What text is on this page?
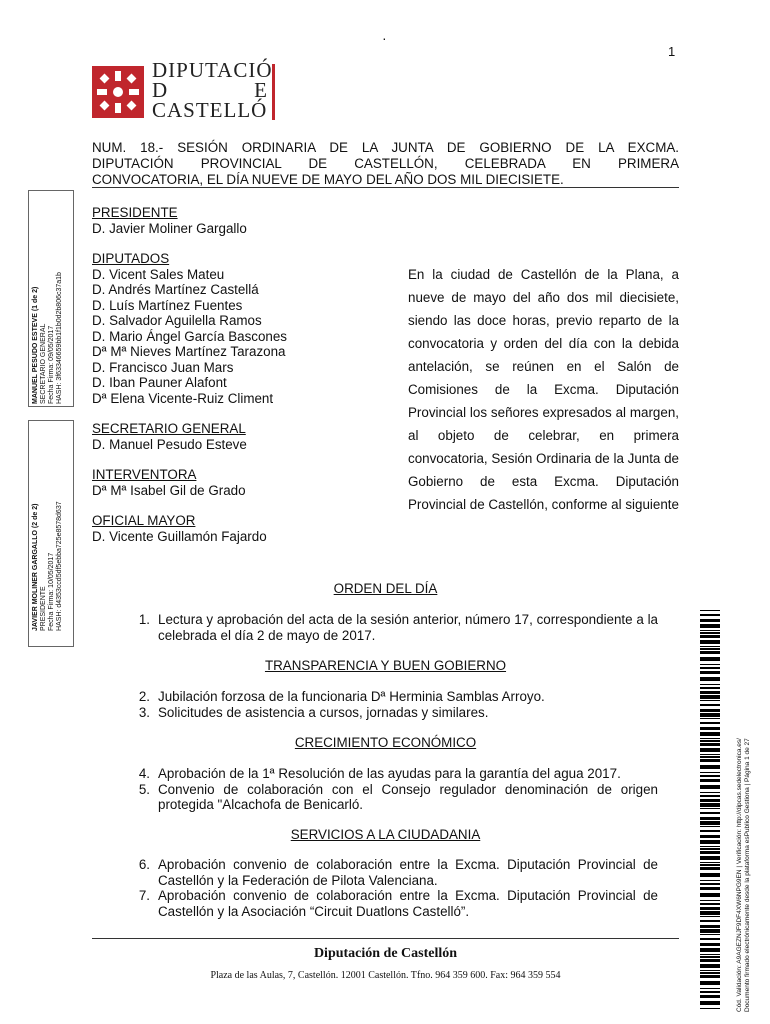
·
1
DIPUTACIÓ
D	E
CASTELLÓ
NUM. 18.- SESIÓN ORDINARIA DE LA JUNTA DE GOBIERNO DE LA EXCMA.
DIPUTACIÓN PROVINCIAL DE CASTELLÓN, CELEBRADA EN PRIMERA
CONVOCATORIA, EL DÍA NUEVE DE MAYO DEL AÑO DOS MIL DIECISIETE.
PRESIDENTE
D. Javier Moliner Gargallo
DIPUTADOS
D. Vicent Sales Mateu
D. Andrés Martínez Castellá
D. Luís Martínez Fuentes
D. Salvador Aguilella Ramos
D. Mario Ángel García Bascones
Dª Mª Nieves Martínez Tarazona
D. Francisco Juan Mars
D. Iban Pauner Alafont
Dª Elena Vicente-Ruiz Climent
SECRETARIO GENERAL
D. Manuel Pesudo Esteve
INTERVENTORA
Dª Mª Isabel Gil de Grado
OFICIAL MAYOR
D. Vicente Guillamón Fajardo
En la ciudad de Castellón de la Plana, a nueve de mayo del año dos mil diecisiete, siendo las doce horas, previo reparto de la convocatoria y orden del día con la debida antelación, se reúnen en el Salón de Comisiones de la Excma. Diputación Provincial los señores expresados al margen, al objeto de celebrar, en primera convocatoria, Sesión Ordinaria de la Junta de Gobierno de esta Excma. Diputación Provincial de Castellón, conforme al siguiente
ORDEN DEL DÍA
1. Lectura y aprobación del acta de la sesión anterior, número 17, correspondiente a la celebrada el día 2 de mayo de 2017.
TRANSPARENCIA Y BUEN GOBIERNO
2. Jubilación forzosa de la funcionaria Dª Herminia Samblas Arroyo.
3. Solicitudes de asistencia a cursos, jornadas y similares.
CRECIMIENTO ECONÓMICO
4. Aprobación de la 1ª Resolución de las ayudas para la garantía del agua 2017.
5. Convenio de colaboración con el Consejo regulador denominación de origen protegida "Alcachofa de Benicarló.
SERVICIOS A LA CIUDADANIA
6. Aprobación convenio de colaboración entre la Excma. Diputación Provincial de Castellón y la Federación de Pilota Valenciana.
7. Aprobación convenio de colaboración entre la Excma. Diputación Provincial de Castellón y la Asociación “Circuit Duatlons Castelló”.
Diputación de Castellón
Plaza de las Aulas, 7, Castellón. 12001 Castellón. Tfno. 964 359 600. Fax: 964 359 554
MANUEL PESUDO ESTEVE (1 de 2)
SECRETARIO GENERAL
Fecha Firma: 09/05/2017
HASH: 3f63346659bb1f1b0d2b806c37a1b
JAVIER MOLINER GARGALLO (2 de 2)
PRESIDENTE
Fecha Firma: 10/05/2017
HASH: d4353ccd5df5ebba725e8578d637
Cód. Validación: A9AGEZNJF9DF4XW6NPG9EN | Verificación: http://dipcas.sedelectronica.es/
Documento firmado electrónicamente desde la plataforma esPublico Gestiona | Página 1 de 27
